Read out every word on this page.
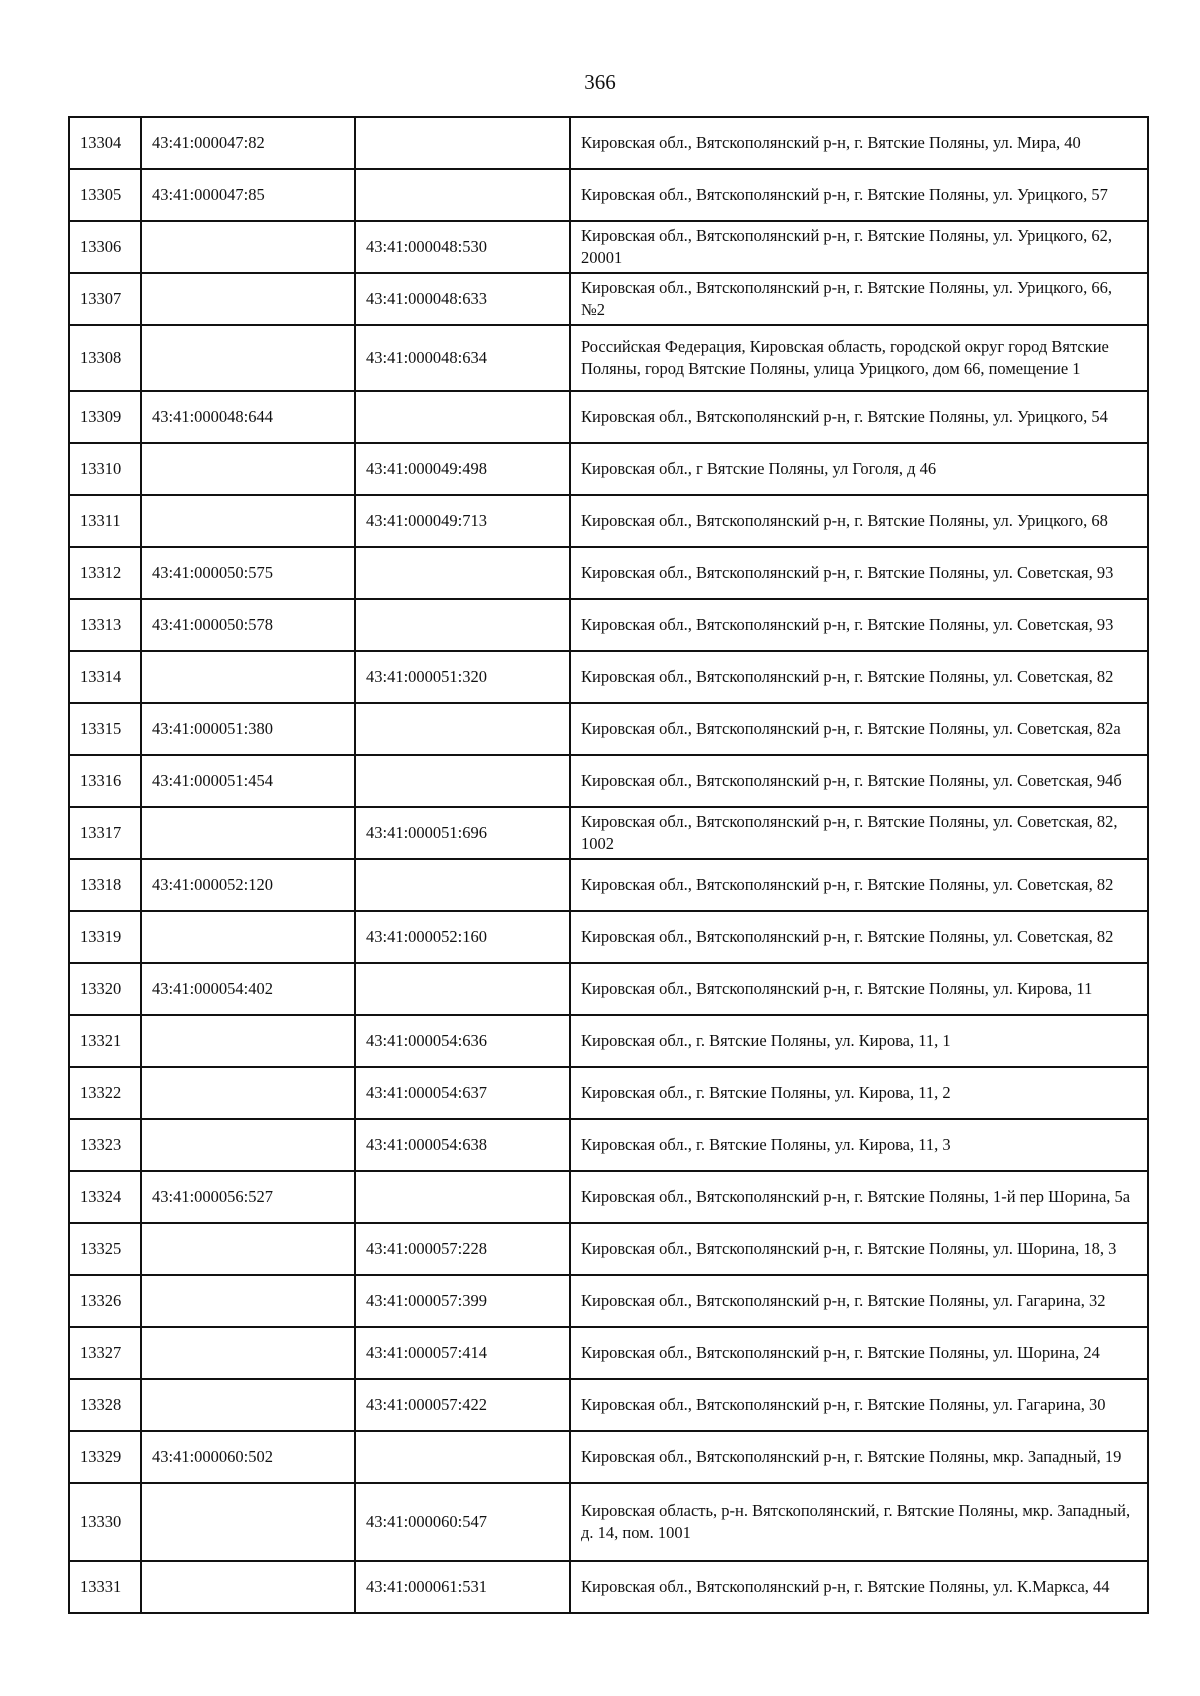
366
13304	43:41:000047:82		Кировская обл., Вятскополянский р-н, г. Вятские Поляны, ул. Мира, 40
13305	43:41:000047:85		Кировская обл., Вятскополянский р-н, г. Вятские Поляны, ул. Урицкого, 57
13306		43:41:000048:530	Кировская обл., Вятскополянский р-н, г. Вятские Поляны, ул. Урицкого, 62, 20001
13307		43:41:000048:633	Кировская обл., Вятскополянский р-н, г. Вятские Поляны, ул. Урицкого, 66, №2
13308		43:41:000048:634	Российская Федерация, Кировская область, городской округ город Вятские Поляны, город Вятские Поляны, улица Урицкого, дом 66, помещение 1
13309	43:41:000048:644		Кировская обл., Вятскополянский р-н, г. Вятские Поляны, ул. Урицкого, 54
13310		43:41:000049:498	Кировская обл., г Вятские Поляны, ул Гоголя, д 46
13311		43:41:000049:713	Кировская обл., Вятскополянский р-н, г. Вятские Поляны, ул. Урицкого, 68
13312	43:41:000050:575		Кировская обл., Вятскополянский р-н, г. Вятские Поляны, ул. Советская, 93
13313	43:41:000050:578		Кировская обл., Вятскополянский р-н, г. Вятские Поляны, ул. Советская, 93
13314		43:41:000051:320	Кировская обл., Вятскополянский р-н, г. Вятские Поляны, ул. Советская, 82
13315	43:41:000051:380		Кировская обл., Вятскополянский р-н, г. Вятские Поляны, ул. Советская, 82а
13316	43:41:000051:454		Кировская обл., Вятскополянский р-н, г. Вятские Поляны, ул. Советская, 94б
13317		43:41:000051:696	Кировская обл., Вятскополянский р-н, г. Вятские Поляны, ул. Советская, 82, 1002
13318	43:41:000052:120		Кировская обл., Вятскополянский р-н, г. Вятские Поляны, ул. Советская, 82
13319		43:41:000052:160	Кировская обл., Вятскополянский р-н, г. Вятские Поляны, ул. Советская, 82
13320	43:41:000054:402		Кировская обл., Вятскополянский р-н, г. Вятские Поляны, ул. Кирова, 11
13321		43:41:000054:636	Кировская обл., г. Вятские Поляны, ул. Кирова, 11, 1
13322		43:41:000054:637	Кировская обл., г. Вятские Поляны, ул. Кирова, 11, 2
13323		43:41:000054:638	Кировская обл., г. Вятские Поляны, ул. Кирова, 11, 3
13324	43:41:000056:527		Кировская обл., Вятскополянский р-н, г. Вятские Поляны, 1-й пер Шорина, 5а
13325		43:41:000057:228	Кировская обл., Вятскополянский р-н, г. Вятские Поляны, ул. Шорина, 18, 3
13326		43:41:000057:399	Кировская обл., Вятскополянский р-н, г. Вятские Поляны, ул. Гагарина, 32
13327		43:41:000057:414	Кировская обл., Вятскополянский р-н, г. Вятские Поляны, ул. Шорина, 24
13328		43:41:000057:422	Кировская обл., Вятскополянский р-н, г. Вятские Поляны, ул. Гагарина, 30
13329	43:41:000060:502		Кировская обл., Вятскополянский р-н, г. Вятские Поляны, мкр. Западный, 19
13330		43:41:000060:547	Кировская область, р-н. Вятскополянский, г. Вятские Поляны, мкр. Западный, д. 14, пом. 1001
13331		43:41:000061:531	Кировская обл., Вятскополянский р-н, г. Вятские Поляны, ул. К.Маркса, 44
